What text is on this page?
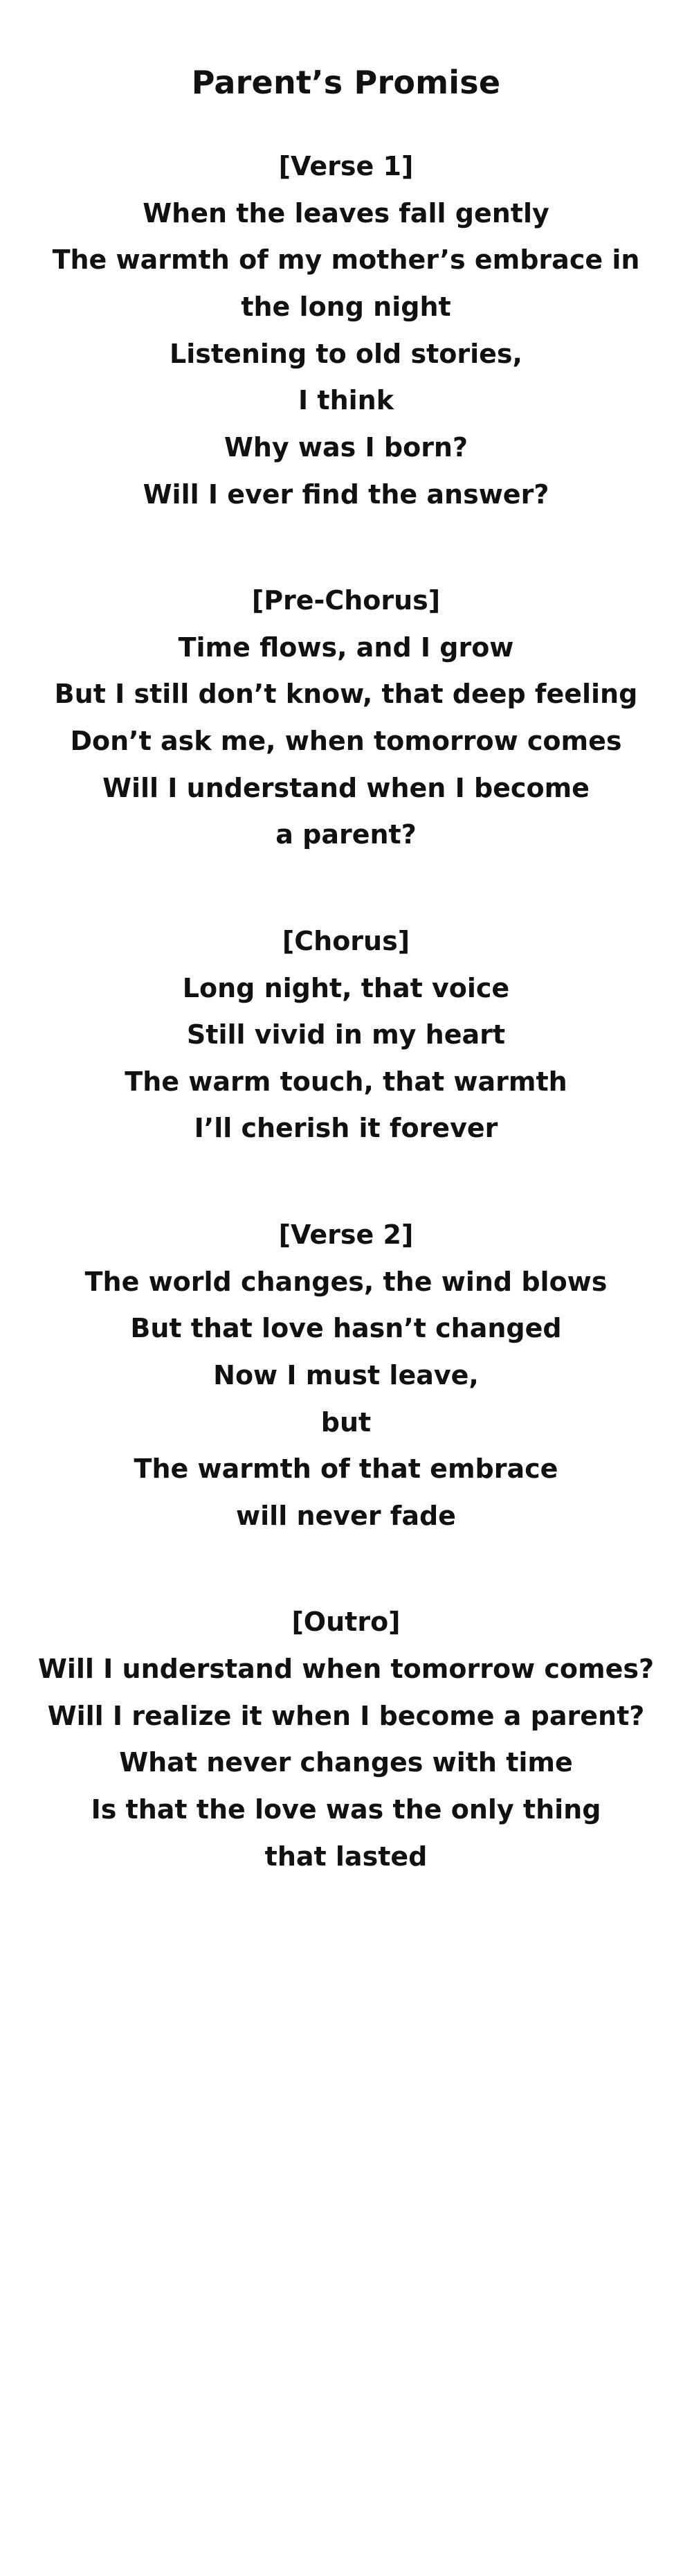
Parent’s Promise
[Verse 1]
When the leaves fall gently
The warmth of my mother’s embrace in
the long night
Listening to old stories,
I think
Why was I born?
Will I ever find the answer?
[Pre-Chorus]
Time flows, and I grow
But I still don’t know, that deep feeling
Don’t ask me, when tomorrow comes
Will I understand when I become
a parent?
[Chorus]
Long night, that voice
Still vivid in my heart
The warm touch, that warmth
I’ll cherish it forever
[Verse 2]
The world changes, the wind blows
But that love hasn’t changed
Now I must leave,
but
The warmth of that embrace
will never fade
[Outro]
Will I understand when tomorrow comes?
Will I realize it when I become a parent?
What never changes with time
Is that the love was the only thing
that lasted
